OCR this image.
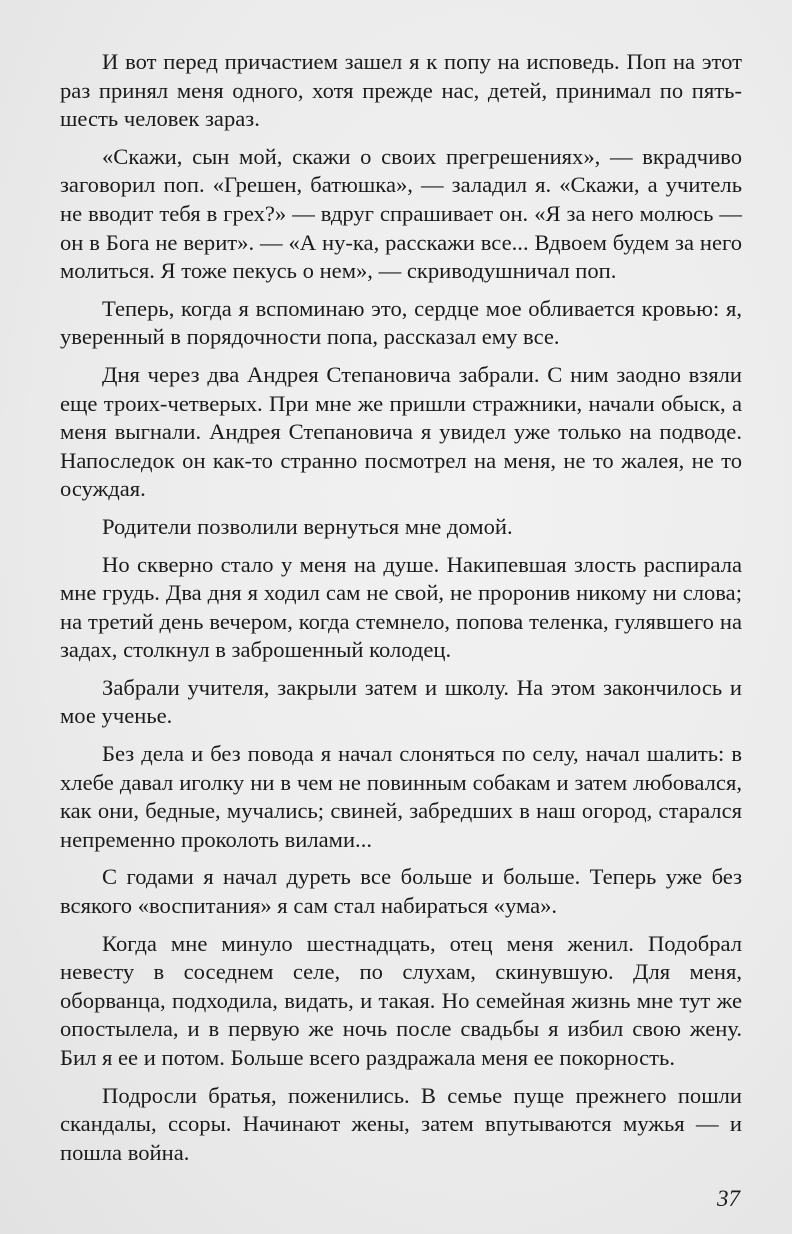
И вот перед причастием зашел я к попу на исповедь. Поп на этот раз принял меня одного, хотя прежде нас, детей, принимал по пять-шесть человек зараз.

«Скажи, сын мой, скажи о своих прегрешениях», — вкрадчиво заговорил поп. «Грешен, батюшка», — заладил я. «Скажи, а учитель не вводит тебя в грех?» — вдруг спрашивает он. «Я за него молюсь — он в Бога не верит». — «А ну-ка, расскажи все... Вдвоем будем за него молиться. Я тоже пекусь о нем», — скриводушничал поп.

Теперь, когда я вспоминаю это, сердце мое обливается кровью: я, уверенный в порядочности попа, рассказал ему все.

Дня через два Андрея Степановича забрали. С ним заодно взяли еще троих-четверых. При мне же пришли стражники, начали обыск, а меня выгнали. Андрея Степановича я увидел уже только на подводе. Напоследок он как-то странно посмотрел на меня, не то жалея, не то осуждая.

Родители позволили вернуться мне домой.

Но скверно стало у меня на душе. Накипевшая злость распирала мне грудь. Два дня я ходил сам не свой, не проронив никому ни слова; на третий день вечером, когда стемнело, попова теленка, гулявшего на задах, столкнул в заброшенный колодец.

Забрали учителя, закрыли затем и школу. На этом закончилось и мое ученье.

Без дела и без повода я начал слоняться по селу, начал шалить: в хлебе давал иголку ни в чем не повинным собакам и затем любовался, как они, бедные, мучались; свиней, забредших в наш огород, старался непременно проколоть вилами...

С годами я начал дуреть все больше и больше. Теперь уже без всякого «воспитания» я сам стал набираться «ума».

Когда мне минуло шестнадцать, отец меня женил. Подобрал невесту в соседнем селе, по слухам, скинувшую. Для меня, оборванца, подходила, видать, и такая. Но семейная жизнь мне тут же опостылела, и в первую же ночь после свадьбы я избил свою жену. Бил я ее и потом. Больше всего раздражала меня ее покорность.

Подросли братья, поженились. В семье пуще прежнего пошли скандалы, ссоры. Начинают жены, затем впутываются мужья — и пошла война.

37
